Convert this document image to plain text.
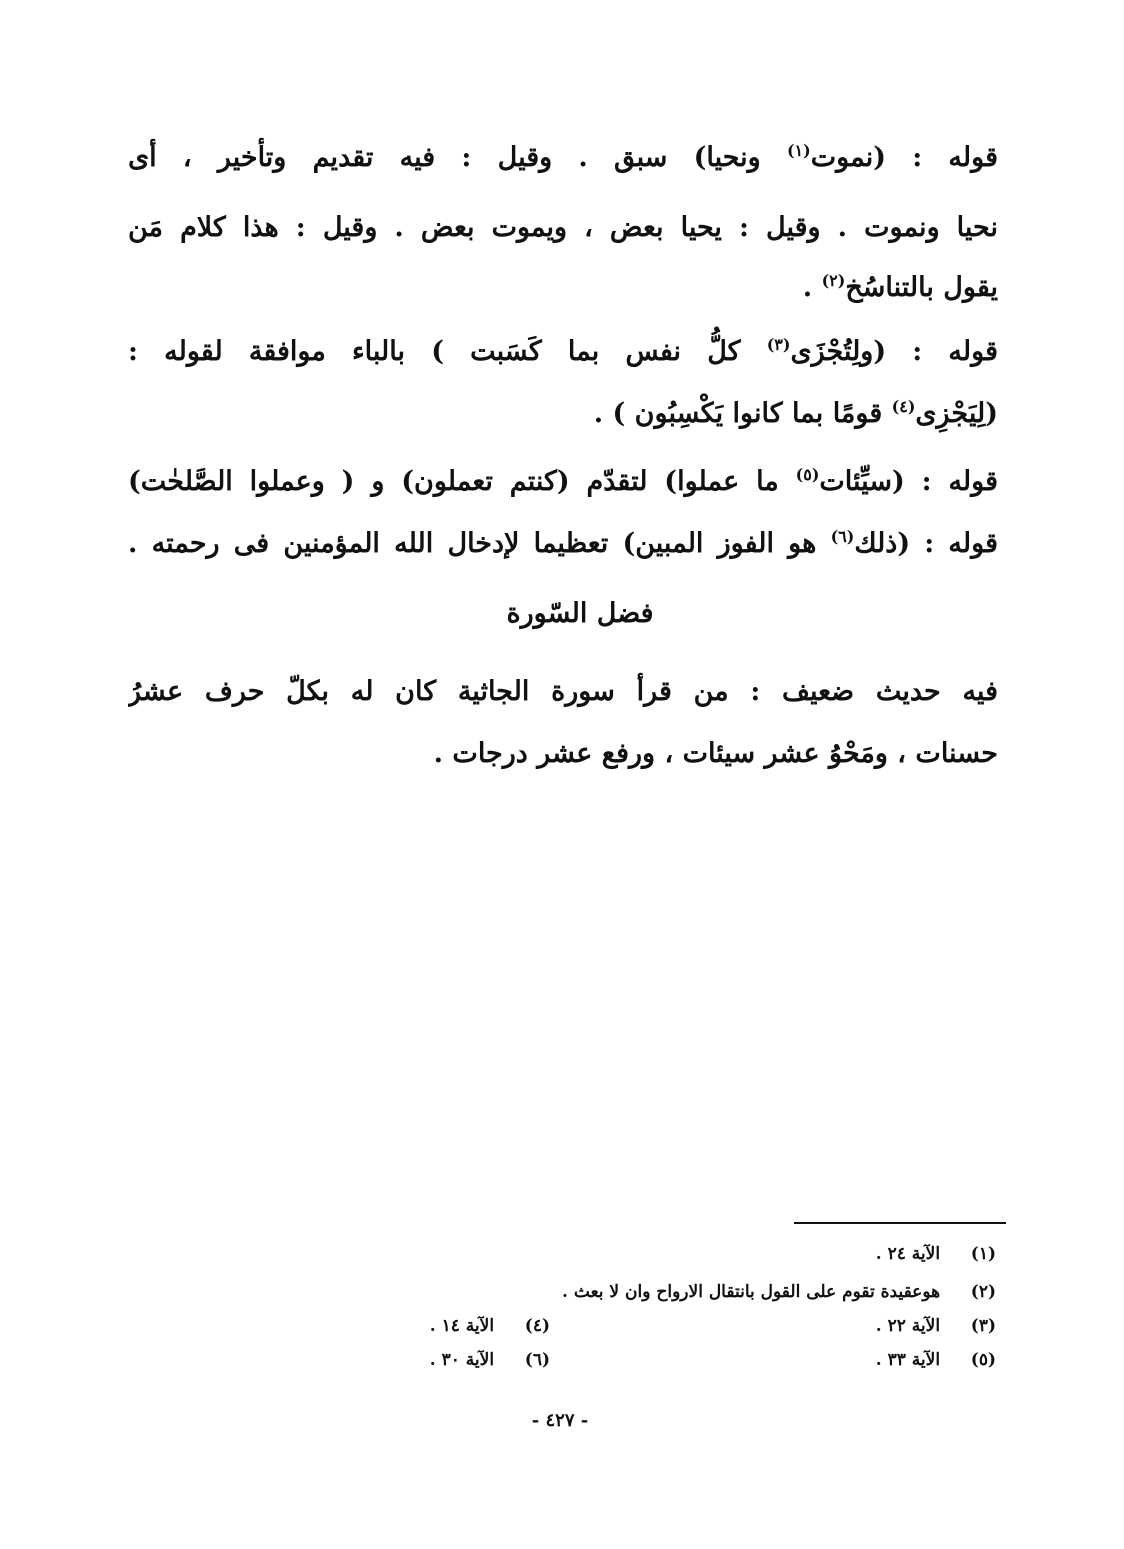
قوله : (نموت$^{(١)}$ ونحيا) سبق . وقيل : فيه تقديم وتأخير ، أى
نحيا ونموت . وقيل : يحيا بعض ، ويموت بعض . وقيل : هذا كلام مَن
يقول بالتناسُخ$^{(٢)}$ .
قوله : (ولِتُجْزَى$^{(٣)}$ كلُّ نفس بما كَسَبت ) بالباء موافقة لقوله :
(لِيَجْزِى$^{(٤)}$ قومًا بما كانوا يَكْسِبُون ) .
قوله : (سيِّئات$^{(٥)}$ ما عملوا) لتقدّم (كنتم تعملون) و ( وعملوا الصَّلحٰت)
قوله : (ذلك$^{(٦)}$ هو الفوز المبين) تعظيما لإدخال الله المؤمنين فى رحمته .
فضل السّورة
فيه حديث ضعيف : من قرأ سورة الجاثية كان له بكلّ حرف عشرُ
حسنات ، ومَحْوُ عشر سيئات ، ورفع عشر درجات .
(١) الآية ٢٤ .
(٢) هوعقيدة تقوم على القول بانتقال الارواح وان لا بعث .
(٣) الآية ٢٢ .
(٤) الآية ١٤ .
(٥) الآية ٣٣ .
(٦) الآية ٣٠ .
- ٤٢٧ -
